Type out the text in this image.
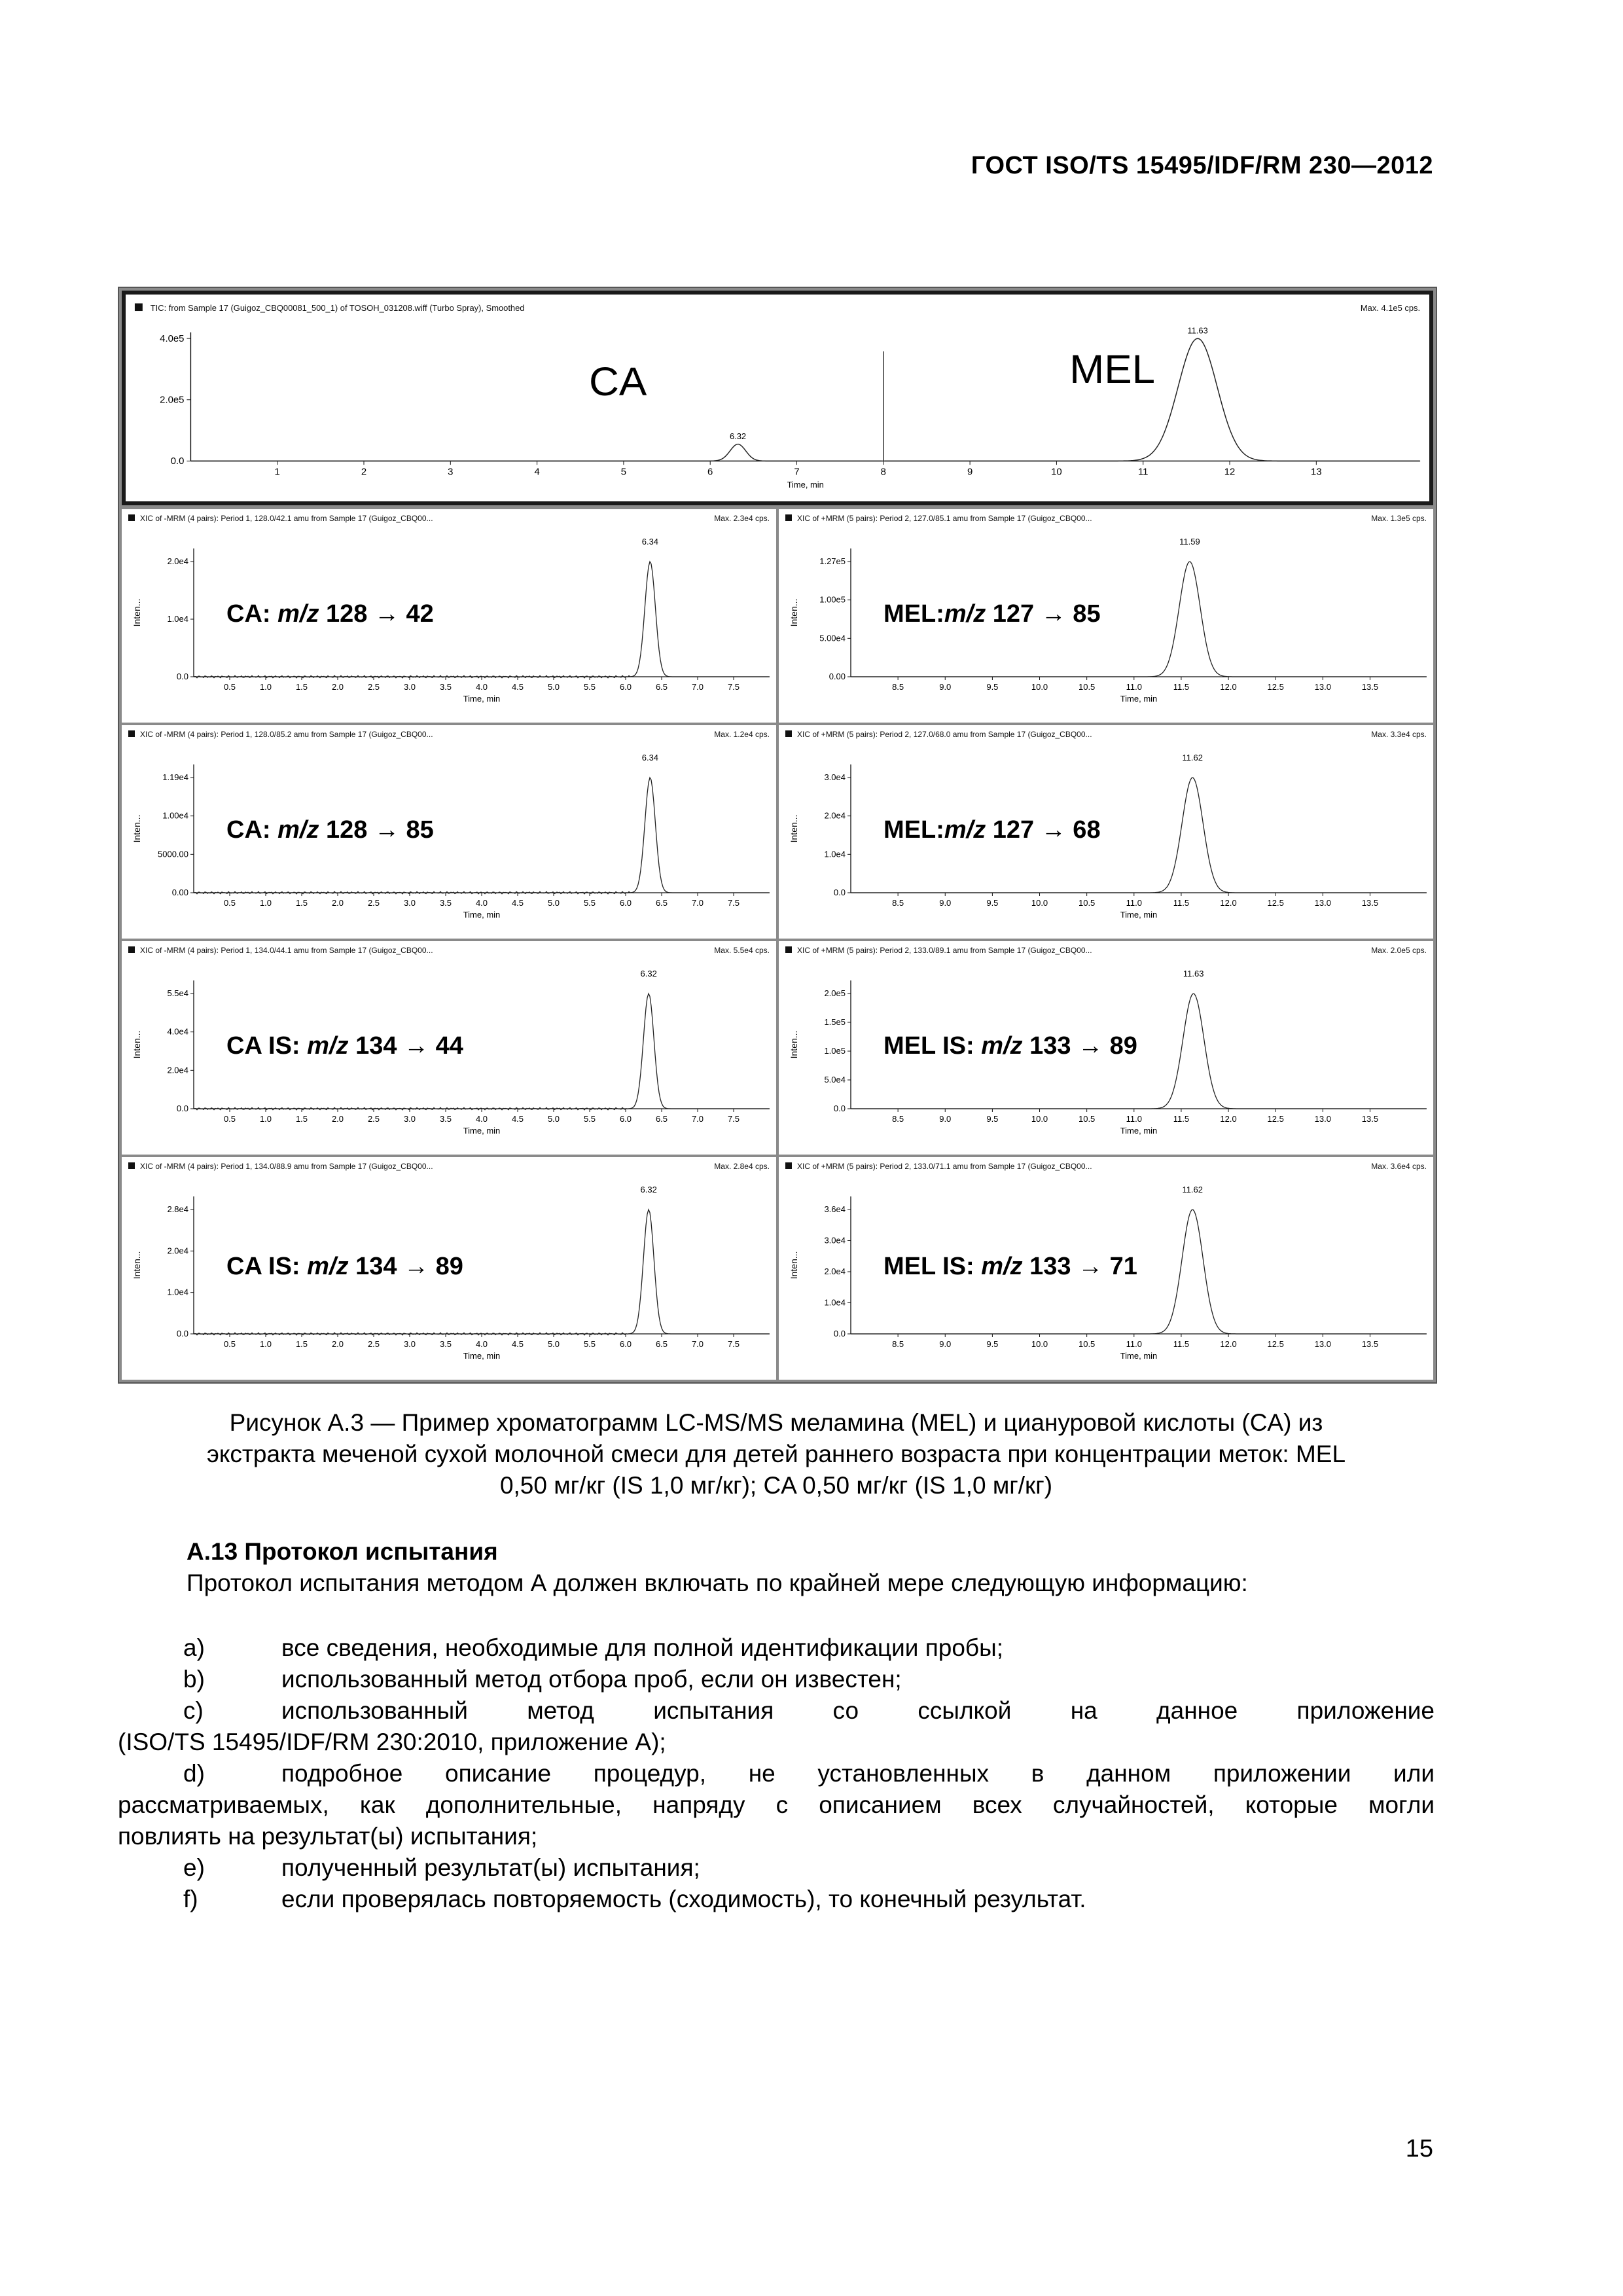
ГОСТ ISO/TS 15495/IDF/RM 230—2012
TIC: from Sample 17 (Guigoz_CBQ00081_500_1) of TOSOH_031208.wiff (Turbo Spray), Smoothed	Max. 4.1e5 cps.
4.0e5
2.0e5
0.0
1	2	3	4	5	6	7	8	9	10	11	12	13
Time, min
6.32
11.63
CA	MEL
XIC of -MRM (4 pairs): Period 1, 128.0/42.1 amu from Sample 17 (Guigoz_CBQ00...	Max. 2.3e4 cps.
Inten...
2.0e4
1.0e4
0.0
0.5	1.0	1.5	2.0	2.5	3.0	3.5	4.0	4.5	5.0	5.5	6.0	6.5	7.0	7.5
Time, min
6.34
CA: m/z 128 → 42
XIC of +MRM (5 pairs): Period 2, 127.0/85.1 amu from Sample 17 (Guigoz_CBQ00...	Max. 1.3e5 cps.
Inten...
1.27e5
1.00e5
5.00e4
0.00
8.5	9.0	9.5	10.0	10.5	11.0	11.5	12.0	12.5	13.0	13.5
Time, min
11.59
MEL:m/z 127 → 85
XIC of -MRM (4 pairs): Period 1, 128.0/85.2 amu from Sample 17 (Guigoz_CBQ00...	Max. 1.2e4 cps.
Inten...
1.19e4
1.00e4
5000.00
0.00
0.5	1.0	1.5	2.0	2.5	3.0	3.5	4.0	4.5	5.0	5.5	6.0	6.5	7.0	7.5
Time, min
6.34
CA: m/z 128 → 85
XIC of +MRM (5 pairs): Period 2, 127.0/68.0 amu from Sample 17 (Guigoz_CBQ00...	Max. 3.3e4 cps.
Inten...
3.0e4
2.0e4
1.0e4
0.0
8.5	9.0	9.5	10.0	10.5	11.0	11.5	12.0	12.5	13.0	13.5
Time, min
11.62
MEL:m/z 127 → 68
XIC of -MRM (4 pairs): Period 1, 134.0/44.1 amu from Sample 17 (Guigoz_CBQ00...	Max. 5.5e4 cps.
Inten...
5.5e4
4.0e4
2.0e4
0.0
0.5	1.0	1.5	2.0	2.5	3.0	3.5	4.0	4.5	5.0	5.5	6.0	6.5	7.0	7.5
Time, min
6.32
CA IS: m/z 134 → 44
XIC of +MRM (5 pairs): Period 2, 133.0/89.1 amu from Sample 17 (Guigoz_CBQ00...	Max. 2.0e5 cps.
Inten...
2.0e5
1.5e5
1.0e5
5.0e4
0.0
8.5	9.0	9.5	10.0	10.5	11.0	11.5	12.0	12.5	13.0	13.5
Time, min
11.63
MEL IS: m/z 133 → 89
XIC of -MRM (4 pairs): Period 1, 134.0/88.9 amu from Sample 17 (Guigoz_CBQ00...	Max. 2.8e4 cps.
Inten...
2.8e4
2.0e4
1.0e4
0.0
0.5	1.0	1.5	2.0	2.5	3.0	3.5	4.0	4.5	5.0	5.5	6.0	6.5	7.0	7.5
Time, min
6.32
CA IS: m/z 134 → 89
XIC of +MRM (5 pairs): Period 2, 133.0/71.1 amu from Sample 17 (Guigoz_CBQ00...	Max. 3.6e4 cps.
Inten...
3.6e4
3.0e4
2.0e4
1.0e4
0.0
8.5	9.0	9.5	10.0	10.5	11.0	11.5	12.0	12.5	13.0	13.5
Time, min
11.62
MEL IS: m/z 133 → 71
Рисунок А.3 — Пример хроматограмм LC-MS/MS меламина (MEL) и циануровой кислоты (CA) из
экстракта меченой сухой молочной смеси для детей раннего возраста при концентрации меток: MEL
0,50 мг/кг (IS 1,0 мг/кг); CA 0,50 мг/кг (IS 1,0 мг/кг)
А.13 Протокол испытания
Протокол испытания методом А должен включать по крайней мере следующую информацию:
a)	все сведения, необходимые для полной идентификации пробы;
b)	использованный метод отбора проб, если он известен;
c)	использованный метод испытания со ссылкой на данное приложение
(ISO/TS 15495/IDF/RM 230:2010, приложение A);
d)	подробное описание процедур, не установленных в данном приложении или
рассматриваемых, как дополнительные, напряду с описанием всех случайностей, которые могли
повлиять на результат(ы) испытания;
e)	полученный результат(ы) испытания;
f)	если проверялась повторяемость (сходимость), то конечный результат.
15
